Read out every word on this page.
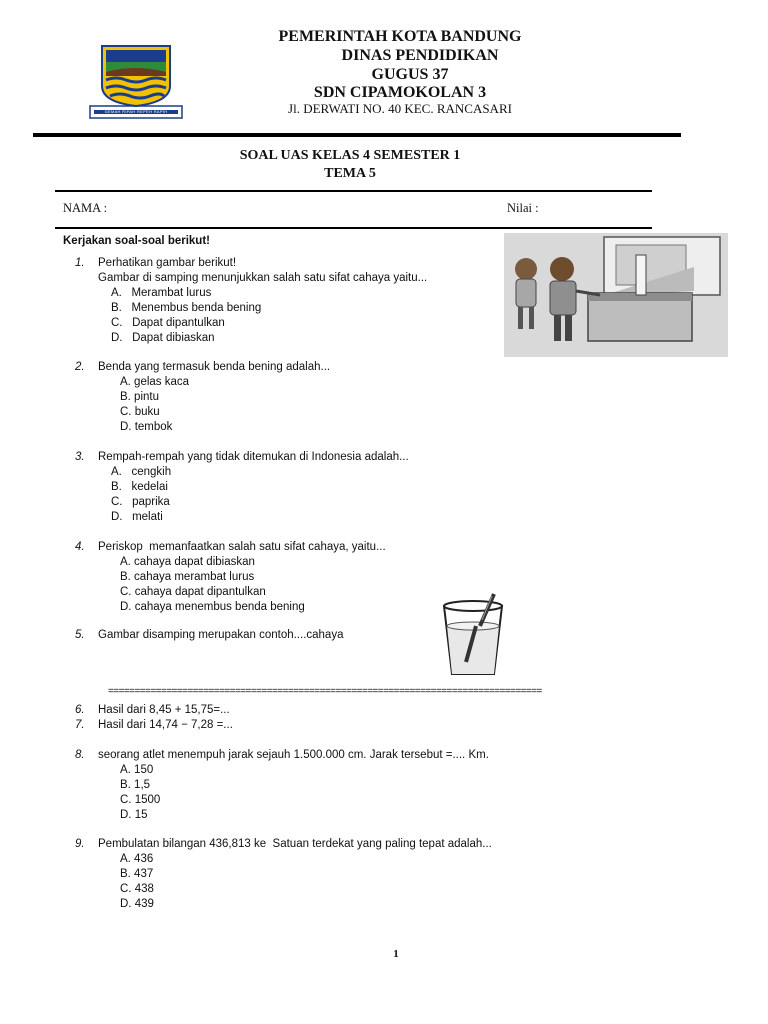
GEMAH RIPAH REPEH RAPIH
PEMERINTAH KOTA BANDUNG
DINAS PENDIDIKAN
GUGUS 37
SDN CIPAMOKOLAN 3
Jl. DERWATI NO. 40 KEC. RANCASARI
SOAL UAS KELAS 4 SEMESTER 1
TEMA 5
NAMA :	Nilai :
Kerjakan soal-soal berikut!
1. Perhatikan gambar berikut!
Gambar di samping menunjukkan salah satu sifat cahaya yaitu...
A.   Merambat lurus
B.   Menembus benda bening
C.   Dapat dipantulkan
D.   Dapat dibiaskan
2. Benda yang termasuk benda bening adalah...
A. gelas kaca
B. pintu
C. buku
D. tembok
3. Rempah-rempah yang tidak ditemukan di Indonesia adalah...
A.   cengkih
B.   kedelai
C.   paprika
D.   melati
4. Periskop  memanfaatkan salah satu sifat cahaya, yaitu...
A. cahaya dapat dibiaskan
B. cahaya merambat lurus
C. cahaya dapat dipantulkan
D. cahaya menembus benda bening
5. Gambar disamping merupakan contoh....cahaya
==================================================================================
6. Hasil dari 8,45 + 15,75=...
7. Hasil dari 14,74 − 7,28 =...
8. seorang atlet menempuh jarak sejauh 1.500.000 cm. Jarak tersebut =.... Km.
A. 150
B. 1,5
C. 1500
D. 15
9. Pembulatan bilangan 436,813 ke  Satuan terdekat yang paling tepat adalah...
A. 436
B. 437
C. 438
D. 439
1
